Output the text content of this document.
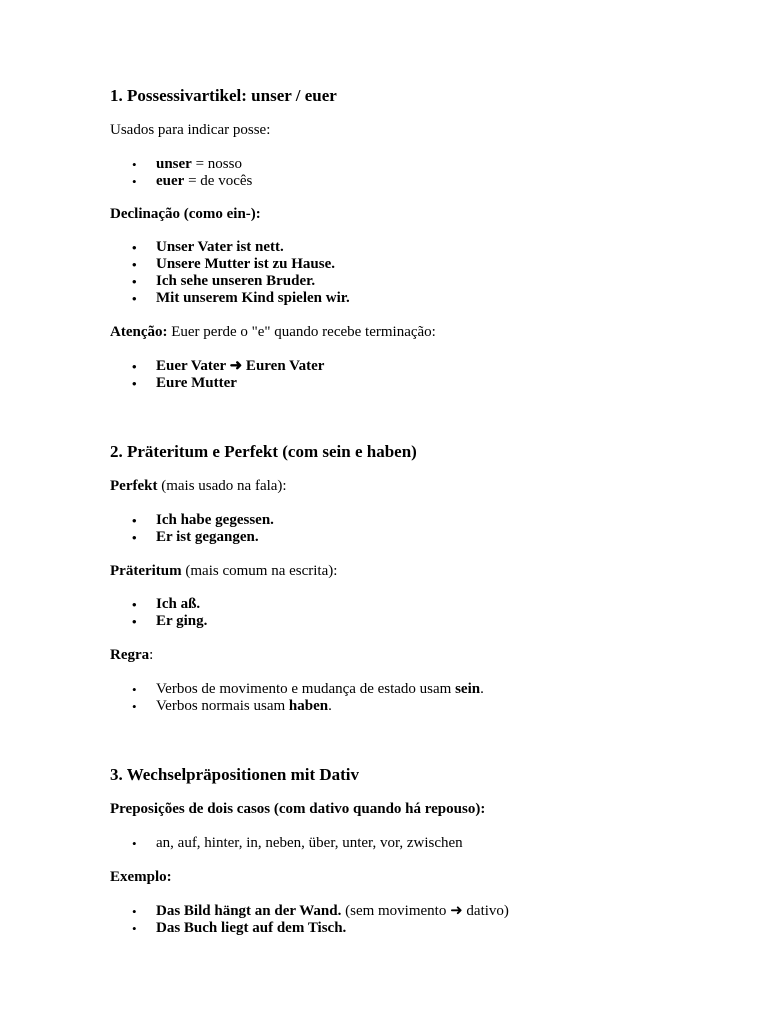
1. Possessivartikel: unser / euer

Usados para indicar posse:

• unser = nosso
• euer = de vocês

Declinação (como ein-):

• Unser Vater ist nett.
• Unsere Mutter ist zu Hause.
• Ich sehe unseren Bruder.
• Mit unserem Kind spielen wir.

Atenção: Euer perde o "e" quando recebe terminação:

• Euer Vater ➜ Euren Vater
• Eure Mutter
2. Präteritum e Perfekt (com sein e haben)

Perfekt (mais usado na fala):

• Ich habe gegessen.
• Er ist gegangen.

Präteritum (mais comum na escrita):

• Ich aß.
• Er ging.

Regra:

• Verbos de movimento e mudança de estado usam sein.
• Verbos normais usam haben.
3. Wechselpräpositionen mit Dativ

Preposições de dois casos (com dativo quando há repouso):

• an, auf, hinter, in, neben, über, unter, vor, zwischen

Exemplo:

• Das Bild hängt an der Wand. (sem movimento ➜ dativo)
• Das Buch liegt auf dem Tisch.
